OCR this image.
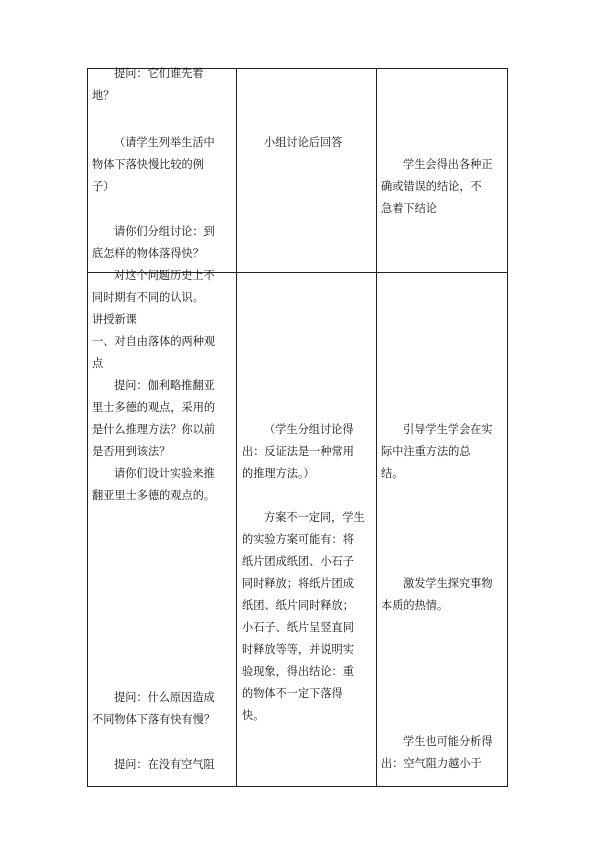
提问：它们谁先着
地？
（请学生列举生活中
物体下落快慢比较的例
子）
请你们分组讨论：到
底怎样的物体落得快？
小组讨论后回答
学生会得出各种正
确或错误的结论，不
急着下结论
对这个问题历史上不
同时期有不同的认识。
讲授新课
一、对自由落体的两种观
点
提问：伽利略推翻亚
里士多德的观点，采用的
是什么推理方法？你以前
是否用到该法？
请你们设计实验来推
翻亚里士多德的观点的。
提问：什么原因造成
不同物体下落有快有慢？
提问：在没有空气阻
（学生分组讨论得
出：反证法是一种常用
的推理方法。）
方案不一定同，学生
的实验方案可能有：将
纸片团成纸团、小石子
同时释放；将纸片团成
纸团、纸片同时释放；
小石子、纸片呈竖直同
时释放等等，并说明实
验现象，得出结论：重
的物体不一定下落得
快。
引导学生学会在实
际中注重方法的总
结。
激发学生探究事物
本质的热情。
学生也可能分析得
出：空气阻力越小于
